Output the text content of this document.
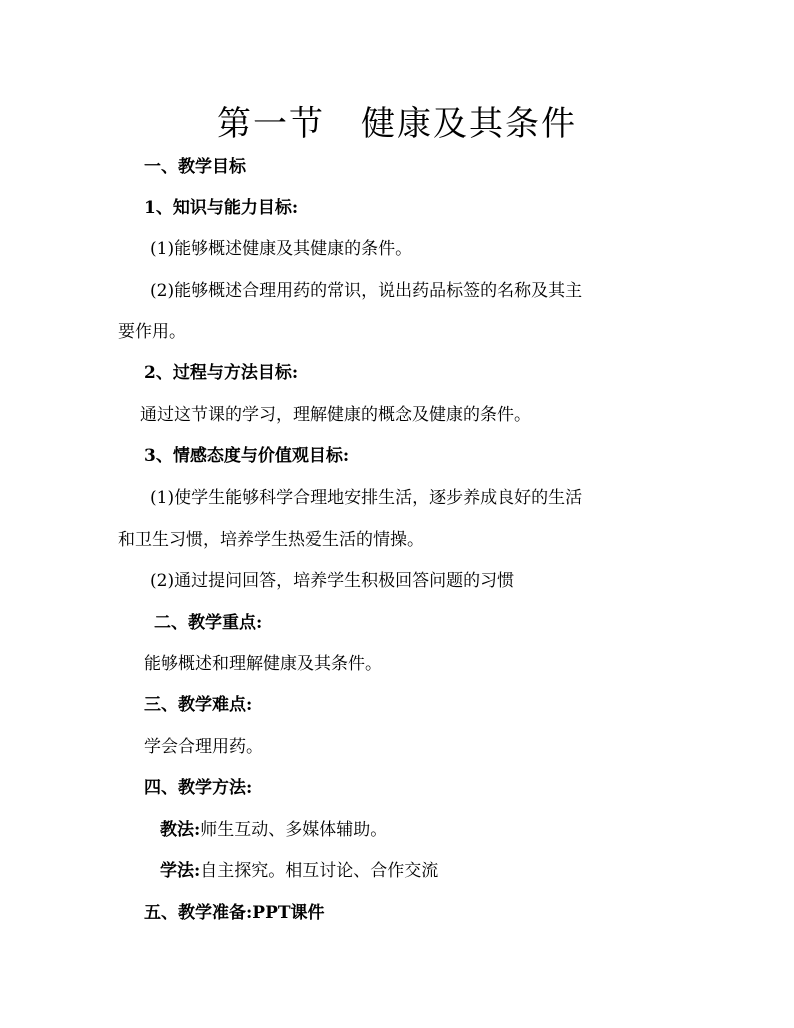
第一节　健康及其条件
一、教学目标
1、知识与能力目标:
(1)能够概述健康及其健康的条件。
(2)能够概述合理用药的常识，说出药品标签的名称及其主
要作用。
2、过程与方法目标:
通过这节课的学习，理解健康的概念及健康的条件。
3、情感态度与价值观目标:
(1)使学生能够科学合理地安排生活，逐步养成良好的生活
和卫生习惯，培养学生热爱生活的情操。
(2)通过提问回答，培养学生积极回答问题的习惯
二、教学重点:
能够概述和理解健康及其条件。
三、教学难点:
学会合理用药。
四、教学方法:
教法:师生互动、多媒体辅助。
学法:自主探究。相互讨论、合作交流
五、教学准备:PPT课件
